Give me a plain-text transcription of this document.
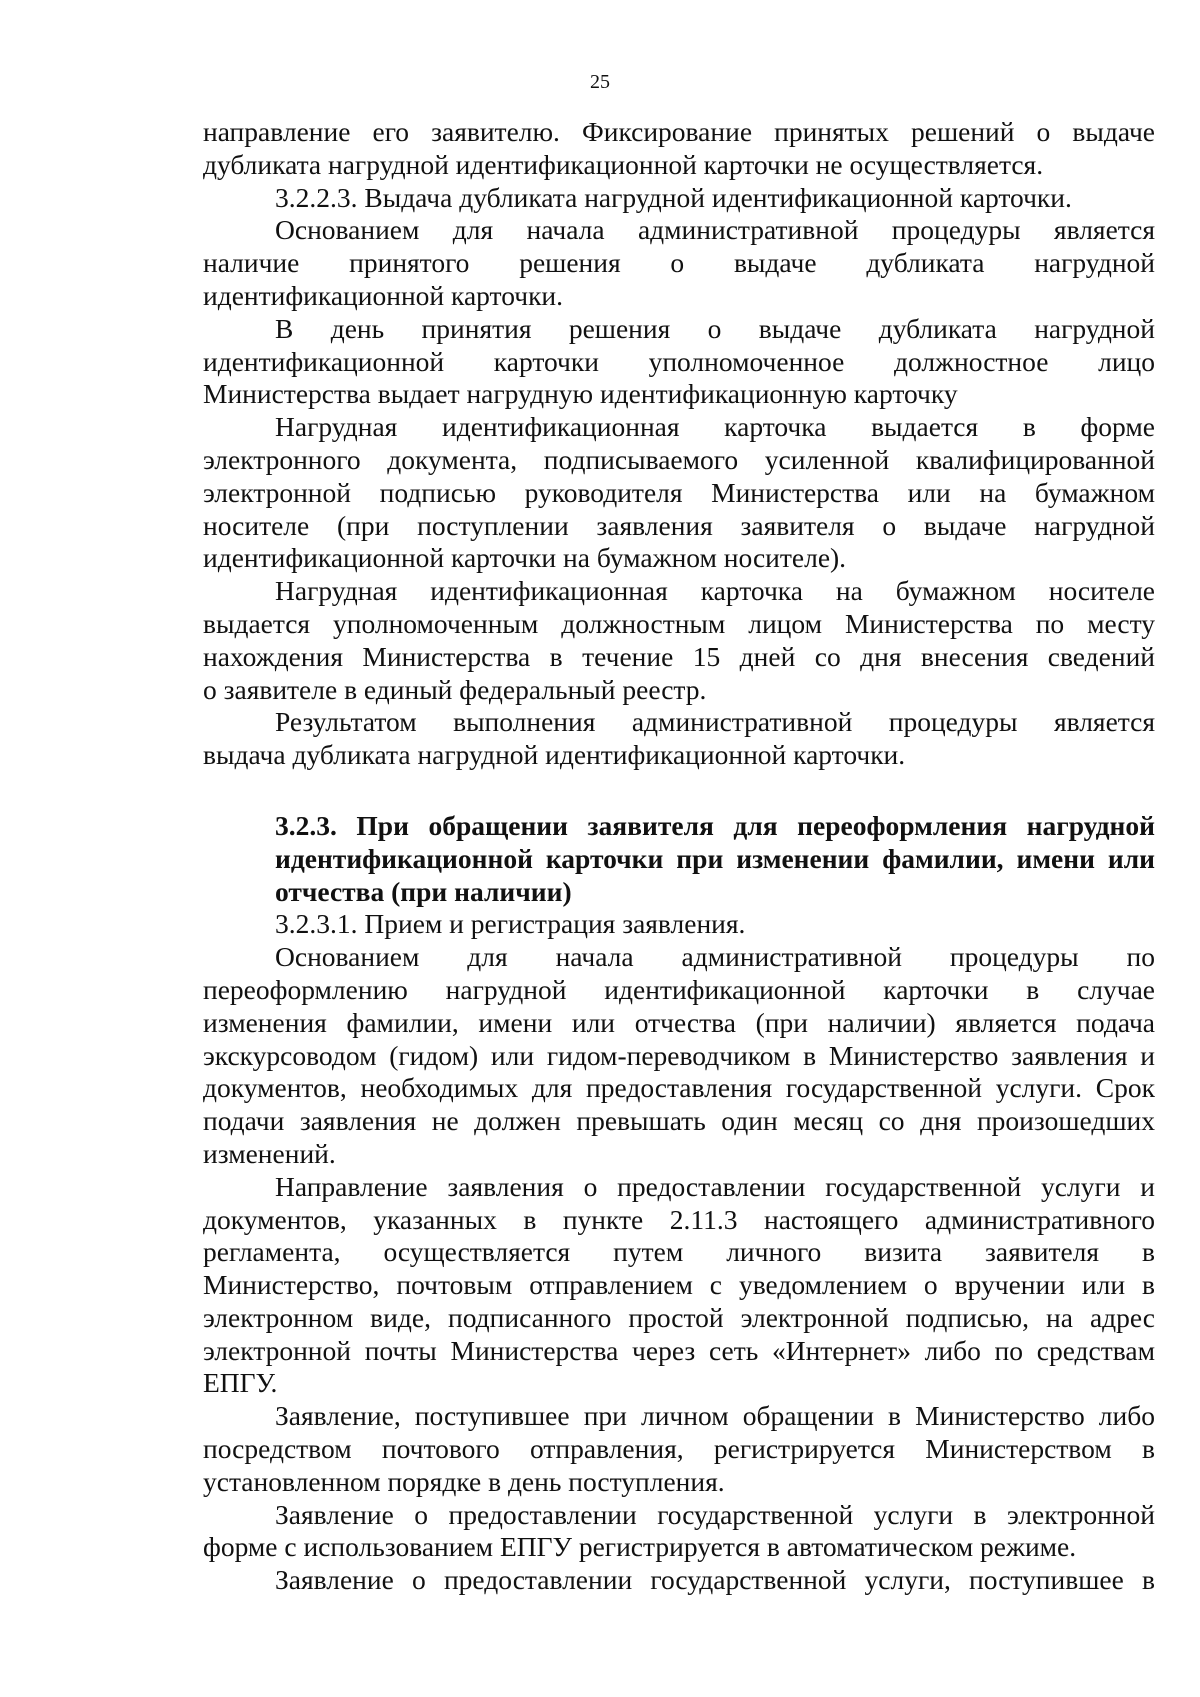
25
направление его заявителю. Фиксирование принятых решений о выдаче
дубликата нагрудной идентификационной карточки не осуществляется.
3.2.2.3. Выдача дубликата нагрудной идентификационной карточки.
Основанием для начала административной процедуры является
наличие принятого решения о выдаче дубликата нагрудной
идентификационной карточки.
В день принятия решения о выдаче дубликата нагрудной
идентификационной карточки уполномоченное должностное лицо
Министерства выдает нагрудную идентификационную карточку
Нагрудная идентификационная карточка выдается в форме
электронного документа, подписываемого усиленной квалифицированной
электронной подписью руководителя Министерства или на бумажном
носителе (при поступлении заявления заявителя о выдаче нагрудной
идентификационной карточки на бумажном носителе).
Нагрудная идентификационная карточка на бумажном носителе
выдается уполномоченным должностным лицом Министерства по месту
нахождения Министерства в течение 15 дней со дня внесения сведений
о заявителе в единый федеральный реестр.
Результатом выполнения административной процедуры является
выдача дубликата нагрудной идентификационной карточки.
3.2.3. При обращении заявителя для переоформления нагрудной
идентификационной карточки при изменении фамилии, имени или
отчества (при наличии)
3.2.3.1. Прием и регистрация заявления.
Основанием для начала административной процедуры по
переоформлению нагрудной идентификационной карточки в случае
изменения фамилии, имени или отчества (при наличии) является подача
экскурсоводом (гидом) или гидом-переводчиком в Министерство заявления и
документов, необходимых для предоставления государственной услуги. Срок
подачи заявления не должен превышать один месяц со дня произошедших
изменений.
Направление заявления о предоставлении государственной услуги и
документов, указанных в пункте 2.11.3 настоящего административного
регламента, осуществляется путем личного визита заявителя в
Министерство, почтовым отправлением с уведомлением о вручении или в
электронном виде, подписанного простой электронной подписью, на адрес
электронной почты Министерства через сеть «Интернет» либо по средствам
ЕПГУ.
Заявление, поступившее при личном обращении в Министерство либо
посредством почтового отправления, регистрируется Министерством в
установленном порядке в день поступления.
Заявление о предоставлении государственной услуги в электронной
форме с использованием ЕПГУ регистрируется в автоматическом режиме.
Заявление о предоставлении государственной услуги, поступившее в
